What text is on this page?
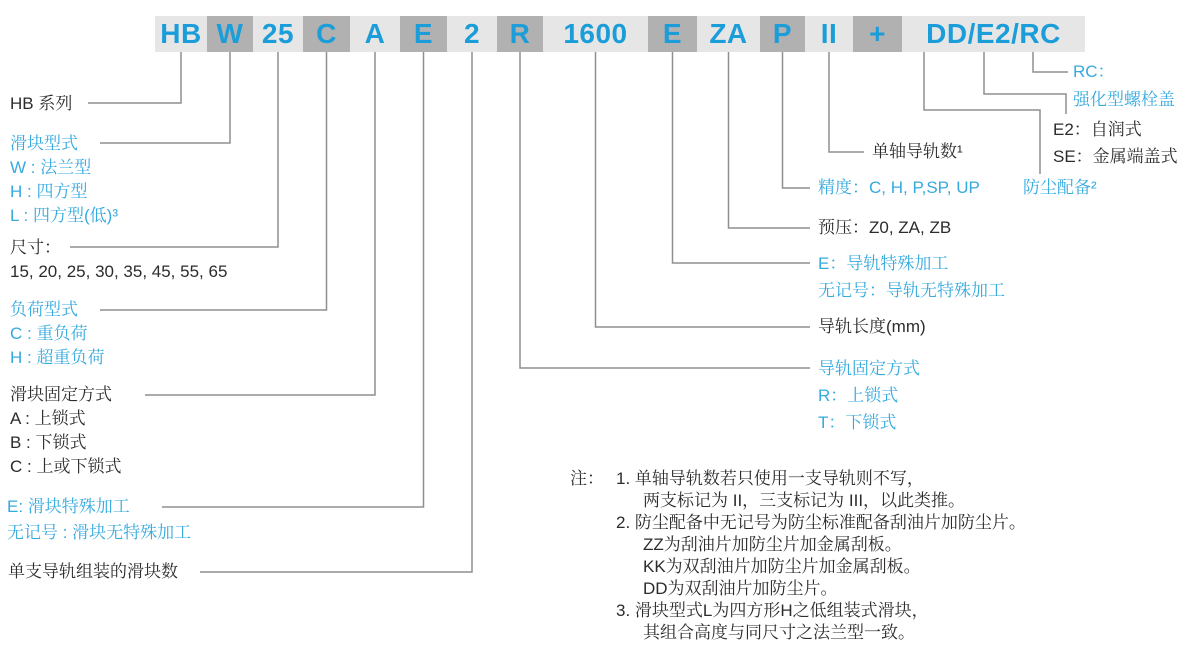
HB W 25 C A	E	2	R	1600	E ZA P	II	+	DD/E2/RC
HB 系列
滑块型式
W : 法兰型
H : 四方型
L : 四方型(低)³
尺寸：
15, 20, 25, 30, 35, 45, 55, 65
负荷型式
C : 重负荷
H : 超重负荷
滑块固定方式
A : 上锁式
B : 下锁式
C : 上或下锁式
E: 滑块特殊加工
无记号 : 滑块无特殊加工
单支导轨组装的滑块数
RC：
强化型螺栓盖
E2：自润式
SE：金属端盖式
防尘配备²
单轴导轨数¹
精度：C, H, P,SP, UP
预压：Z0, ZA, ZB
E：导轨特殊加工
无记号：导轨无特殊加工
导轨长度(mm)
导轨固定方式
R：上锁式
T：下锁式
注： 1. 单轴导轨数若只使用一支导轨则不写，
两支标记为 II，三支标记为 III，以此类推。
2. 防尘配备中无记号为防尘标准配备刮油片加防尘片。
ZZ为刮油片加防尘片加金属刮板。
KK为双刮油片加防尘片加金属刮板。
DD为双刮油片加防尘片。
3. 滑块型式L为四方形H之低组装式滑块，
其组合高度与同尺寸之法兰型一致。
